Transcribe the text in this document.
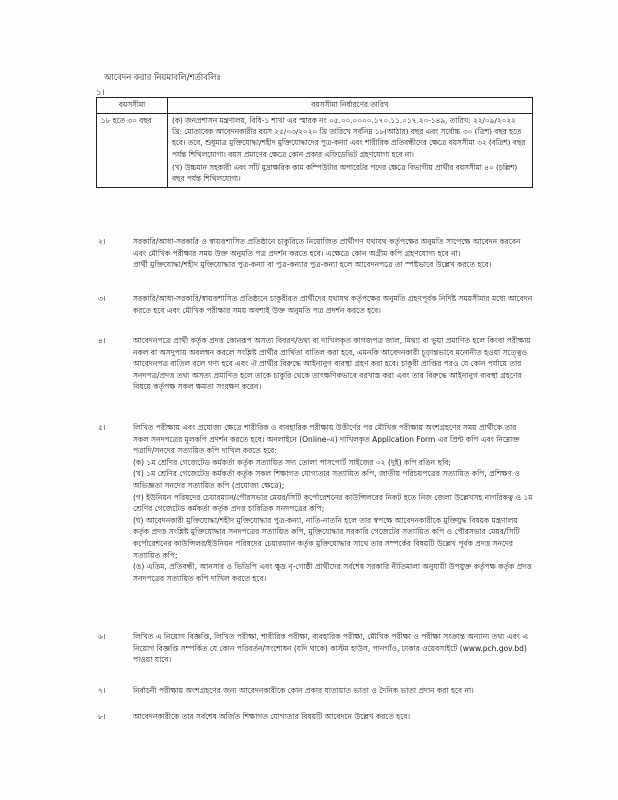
আবেদন করার নিয়মাবলি/শর্তাবলিঃ
১।
বয়সসীমা	বয়সসীমা নির্ধারণের তারিখ
১৮ হতে ৩০ বছর	(ক) জনপ্রশাসন মন্ত্রণালয়, বিধি-১ শাখা এর স্মারক নং ০৫.০০.০০০০.১৭০.১১.০১৭.২০-১৪৯, তারিখ: ২২/০৯/২০২২ খ্রি: মোতাবেক আবেদনকারীর বয়স ২৫/০৩/২০২০ খ্রি তারিখে সর্বনিম্ন ১৮(আঠার) বছর এবং সর্বোচ্চ ৩০ (ত্রিশ) বছর হতে হবে। তবে, শুধুমাত্র মুক্তিযোদ্ধা/শহীদ মুক্তিযোদ্ধাদের পুত্র-কন্যা এবং শারীরিক প্রতিবন্ধীদের ক্ষেত্রে বয়সসীমা ৩২ (বত্রিশ) বছর পর্যন্ত শিথিলযোগ্য। বয়স প্রমাণের ক্ষেত্রে কোন প্রকার এফিডেভিট গ্রহণযোগ্য হবে না।

(খ) উচ্চমান সহকারী এবং সাঁট মুদ্রাক্ষরিক কাম কম্পিউটার অপারেটর পদের ক্ষেত্রে বিভাগীয় প্রার্থীর বয়সসীমা ৪০ (চল্লিশ) বছর পর্যন্ত শিথিলযোগ্য।

২।	সরকারি/আধা-সরকারি ও স্বায়ত্তশাসিত প্রতিষ্ঠানে চাকুরিতে নিয়োজিত প্রার্থীগণ যথাযথ কর্তৃপক্ষের অনুমতি সাপেক্ষে আবেদন করবেন এবং মৌখিক পরীক্ষার সময় উক্ত অনুমতি পত্র প্রদর্শন করতে হবে। এক্ষেত্রে কোন অগ্রীম কপি গ্রহণযোগ্য হবে না।

প্রার্থী মুক্তিযোদ্ধা/শহীদ মুক্তিযোদ্ধার পুত্র-কন্যা বা পুত্র-কন্যার পুত্র-কন্যা হলে আবেদনপত্রে তা স্পষ্টভাবে উল্লেখ করতে হবে।

৩।	সরকারি/আধা-সরকারি/স্বায়ত্তশাসিত প্রতিষ্ঠানে চাকুরীরত প্রার্থীদের যথাযথ কর্তৃপক্ষের অনুমতি গ্রহণপূর্বক নির্দিষ্ট সময়সীমার মধ্যে আবেদন করতে হবে এবং মৌখিক পরীক্ষার সময় অবশ্যই উক্ত অনুমতি পত্র প্রদর্শন করতে হবে।

৪।	আবেদনপত্রে প্রার্থী কর্তৃক প্রদত্ত কোনরূপ অসত্য বিবরণ/তথ্য বা দাখিলকৃত কাগজপত্র জাল, মিথ্যা বা ভুয়া প্রমাণিত হলে কিংবা পরীক্ষায় নকল বা অসদুপায় অবলম্বন করলে সংশ্লিষ্ট প্রার্থীর প্রার্থিতা বাতিল করা হবে, এমনকি আবেদনকারী চূড়ান্তভাবে মনোনীত হওয়া সত্ত্বেও আবেদনপত্র বাতিল বলে গণ্য হবে এবং ঐ প্রার্থীর বিরুদ্ধে আইনানুগ ব্যবস্থা গ্রহণ করা হবে। চাকুরী প্রাপ্তির পরও যে কোন পর্যায়ে তার সনদপত্র/প্রদত্ত তথ্য অসত্য প্রমাণিত হলে তাকে চাকুরি থেকে তাৎক্ষণিকভাবে বরখাস্ত করা এবং তার বিরুদ্ধে আইনানুগ ব্যবস্থা গ্রহণের বিষয়ে কর্তৃপক্ষ সকল ক্ষমতা সংরক্ষণ করেন।

৫।	লিখিত পরীক্ষায় এবং প্রযোজ্য ক্ষেত্রে শারীরিক ও ব্যবহারিক পরীক্ষায় উত্তীর্ণের পর মৌখিক পরীক্ষায় অংশগ্রহণের সময় প্রার্থীকে তার সকল সনদপত্রের মূলকপি প্রদর্শন করতে হবে। অনলাইনে (Online-এ) দাখিলকৃত Application Form এর প্রিন্ট কপি এবং নিম্নোক্ত পত্রাদি/সনদের সত্যায়িত কপি দাখিল করতে হবে:

(ক) ১ম শ্রেণির গেজেটেড কর্মকর্তা কর্তৃক সত্যায়িত সদ্য তোলা পাসপোর্ট সাইজের ০২ (দুই) কপি রঙিন ছবি;

(খ) ১ম শ্রেণির গেজেটেড কর্মকর্তা কর্তৃক সকল শিক্ষাগত যোগ্যতার সত্যায়িত কপি, জাতীয় পরিচয়পত্রের সত্যায়িত কপি, প্রশিক্ষণ ও অভিজ্ঞতা সনদের সত্যায়িত কপি (প্রযোজ্য ক্ষেত্রে);

(গ) ইউনিয়ন পরিষদের চেয়ারম্যান/পৌরসভার মেয়র/সিটি কর্পোরেশনের কাউন্সিলরের নিকট হতে নিজ জেলা উল্লেখসহ নাগরিকত্ব ও ১ম শ্রেণির গেজেটেড কর্মকর্তা কর্তৃক প্রদত্ত চারিত্রিক সনদপত্রের কপি;

(ঘ) আবেদনকারী মুক্তিযোদ্ধা/শহীদ মুক্তিযোদ্ধার পুত্র-কন্যা, নাতি-নাতনি হলে তার স্বপক্ষে আবেদনকারীকে মুক্তিযুদ্ধ বিষয়ক মন্ত্রণালয় কর্তৃক প্রদত্ত সংশ্লিষ্ট মুক্তিযোদ্ধার সনদপত্রের সত্যায়িত কপি, মুক্তিযোদ্ধার সরকারি গেজেটের সত্যায়িত কপি ও পৌরসভার মেয়র/সিটি কর্পোরেশনের কাউন্সিলর/ইউনিয়ন পরিষদের চেয়ারম্যান কর্তৃক মুক্তিযোদ্ধার সাথে তার সম্পর্কের বিষয়টি উল্লেখ পূর্বক প্রদত্ত সনদের সত্যায়িত কপি;

(ঙ) এতিম, প্রতিবন্ধী, আনসার ও ভিডিপি এবং ক্ষুদ্র নৃ-গোষ্ঠী প্রার্থীদের সর্বশেষ সরকারি নীতিমালা অনুযায়ী উপযুক্ত কর্তৃপক্ষ কর্তৃক প্রদত্ত সনদপত্রের সত্যায়িত কপি দাখিল করতে হবে।

৬।	লিখিত এ নিয়োগ বিজ্ঞপ্তি, লিখিত পরীক্ষা, শারীরিক পরীক্ষা, ব্যবহারিক পরীক্ষা, মৌখিক পরীক্ষা ও পরীক্ষা সংক্রান্ত অন্যান্য তথ্য এবং এ নিয়োগ বিজ্ঞপ্তি সম্পর্কিত যে কোন পরিবর্তন/সংশোধন (যদি থাকে) কাস্টম হাউস, পানগাঁও, ঢাকার ওয়েবসাইটে (www.pch.gov.bd) পাওয়া যাবে।

৭।	নির্বাচনী পরীক্ষায় অংশগ্রহণের জন্য আবেদনকারীকে কোন প্রকার যাতায়াত ভাতা ও দৈনিক ভাতা প্রদান করা হবে না।

৮।	আবেদনকারীকে তার সর্বশেষ অর্জিত শিক্ষাগত যোগ্যতার বিষয়টি আবেদনে উল্লেখ করতে হবে।
